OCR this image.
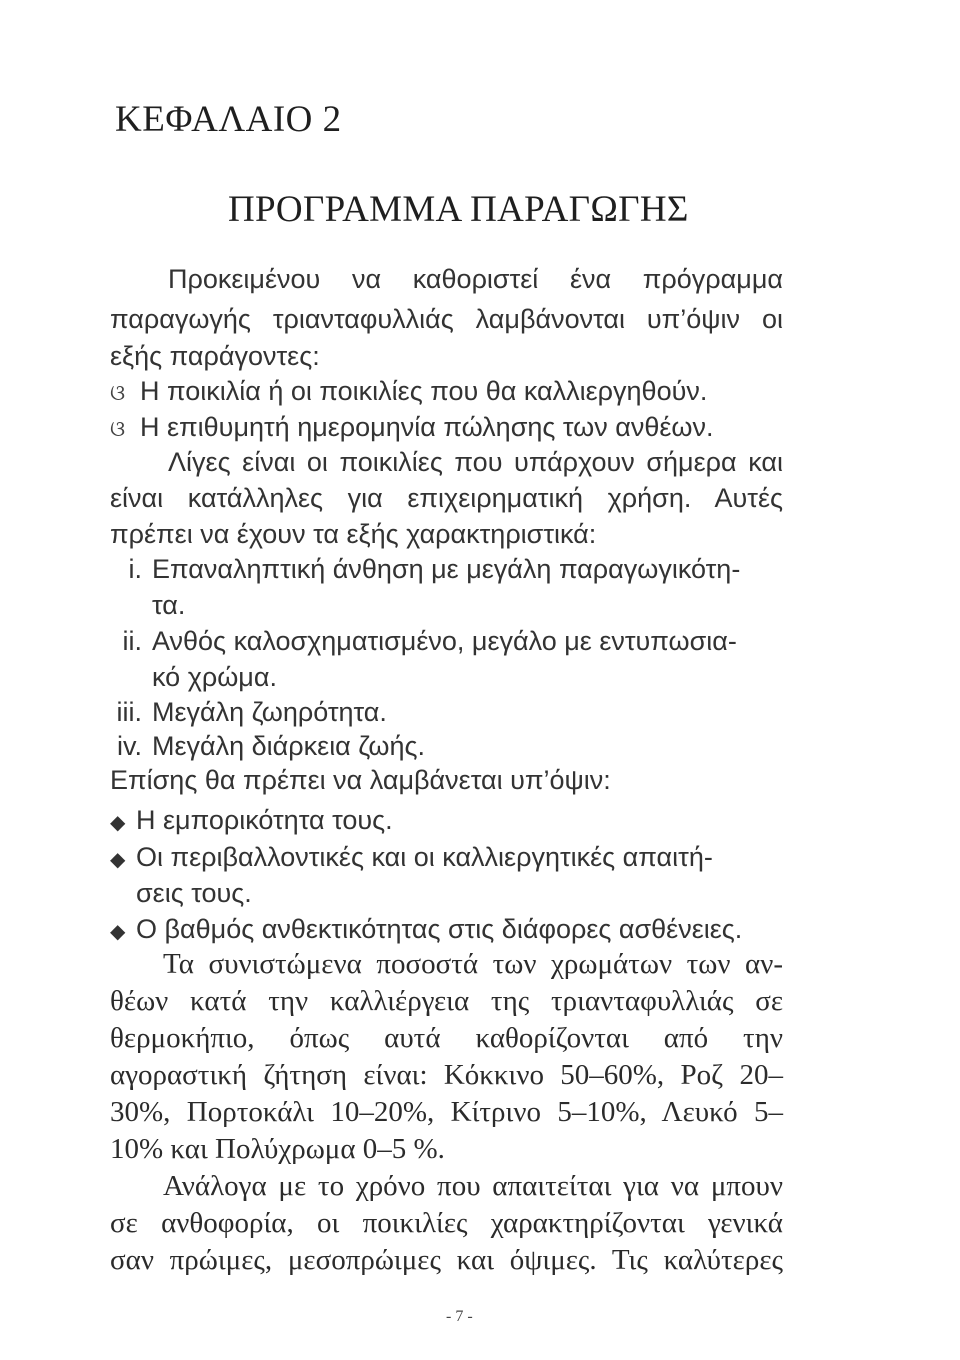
ΚΕΦΑΛΑΙΟ 2
ΠΡΟΓΡΑΜΜΑ ΠΑΡΑΓΩΓΗΣ
Προκειμένου να καθοριστεί ένα πρόγραμμα
παραγωγής τριανταφυλλιάς λαμβάνονται υπ’όψιν οι
εξής παράγοντες:
ଓ Η ποικιλία ή οι ποικιλίες που θα καλλιεργηθούν.
ଓ Η επιθυμητή ημερομηνία πώλησης των ανθέων.
Λίγες είναι οι ποικιλίες που υπάρχουν σήμερα και
είναι κατάλληλες για επιχειρηματική χρήση. Αυτές
πρέπει να έχουν τα εξής χαρακτηριστικά:
i. Επαναληπτική άνθηση με μεγάλη παραγωγικότη-
τα.
ii. Ανθός καλοσχηματισμένο, μεγάλο με εντυπωσια-
κό χρώμα.
iii. Μεγάλη ζωηρότητα.
iv. Μεγάλη διάρκεια ζωής.
Επίσης θα πρέπει να λαμβάνεται υπ’όψιν:
◆ Η εμπορικότητα τους.
◆ Οι περιβαλλοντικές και οι καλλιεργητικές απαιτή-
σεις τους.
◆ Ο βαθμός ανθεκτικότητας στις διάφορες ασθένειες.
Τα συνιστώμενα ποσοστά των χρωμάτων των αν-
θέων κατά την καλλιέργεια της τριανταφυλλιάς σε
θερμοκήπιο, όπως αυτά καθορίζονται από την
αγοραστική ζήτηση είναι: Κόκκινο 50–60%, Ροζ 20–
30%, Πορτοκάλι 10–20%, Κίτρινο 5–10%, Λευκό 5–
10% και Πολύχρωμα 0–5 %.
Ανάλογα με το χρόνο που απαιτείται για να μπουν
σε ανθοφορία, οι ποικιλίες χαρακτηρίζονται γενικά
σαν πρώιμες, μεσοπρώιμες και όψιμες. Τις καλύτερες
- 7 -
